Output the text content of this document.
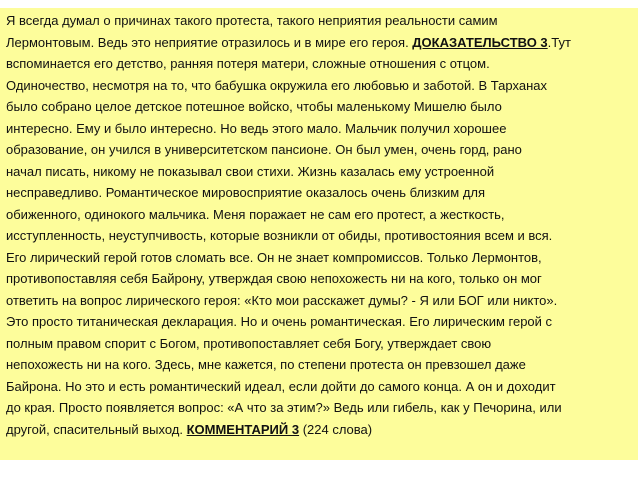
Я всегда думал о причинах такого протеста, такого неприятия реальности самим
Лермонтовым. Ведь это неприятие отразилось и в мире его героя. ДОКАЗАТЕЛЬСТВО 3.Тут
вспоминается его детство, ранняя потеря матери, сложные отношения с отцом.
Одиночество, несмотря на то, что бабушка окружила его любовью и заботой. В Тарханах
было собрано целое детское потешное войско, чтобы маленькому Мишелю было
интересно. Ему и было интересно. Но ведь этого мало. Мальчик получил хорошее
образование, он учился в университетском пансионе. Он был умен, очень горд, рано
начал писать, никому не показывал свои стихи. Жизнь казалась ему устроенной
несправедливо. Романтическое мировосприятие оказалось очень близким для
обиженного, одинокого мальчика. Меня поражает не сам его протест, а жесткость,
исступленность, неуступчивость, которые возникли от обиды, противостояния всем и вся.
Его лирический герой готов сломать все. Он не знает компромиссов. Только Лермонтов,
противопоставляя себя Байрону, утверждая свою непохожесть ни на кого, только он мог
ответить на вопрос лирического героя: «Кто мои расскажет думы? - Я или БОГ или никто».
Это просто титаническая декларация. Но и очень романтическая. Его лирическим герой с
полным правом спорит с Богом, противопоставляет себя Богу, утверждает свою
непохожесть ни на кого. Здесь, мне кажется, по степени протеста он превзошел даже
Байрона. Но это и есть романтический идеал, если дойти до самого конца. А он и доходит
до края. Просто появляется вопрос: «А что за этим?» Ведь или гибель, как у Печорина, или
другой, спасительный выход. КОММЕНТАРИЙ 3 (224 слова)
